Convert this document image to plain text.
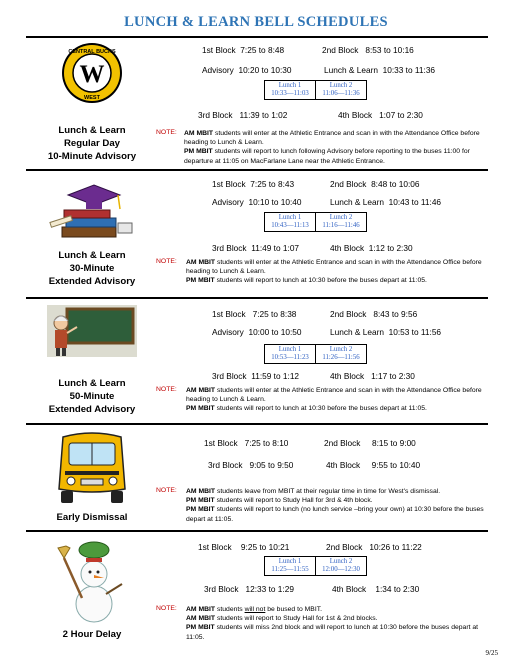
LUNCH & LEARN BELL SCHEDULES
W
CENTRAL BUCKS
WEST
Lunch & Learn
Regular Day
10-Minute Advisory
1st Block 7:25 to 8:48	2nd Block 8:53 to 10:16
Advisory 10:20 to 10:30	Lunch & Learn 10:33 to 11:36
Lunch 1
10:33—11:03
Lunch 2
11:06—11:36
3rd Block 11:39 to 1:02	4th Block 1:07 to 2:30
NOTE: AM MBIT students will enter at the Athletic Entrance and scan in with the Attendance Office before heading to Lunch & Learn.
PM MBIT students will report to lunch following Advisory before reporting to the buses 11:00 for departure at 11:05 on MacFarlane Lane near the Athletic Entrance.
Lunch & Learn
30-Minute
Extended Advisory
1st Block 7:25 to 8:43	2nd Block 8:48 to 10:06
Advisory 10:10 to 10:40	Lunch & Learn 10:43 to 11:46
Lunch 1
10:43—11:13
Lunch 2
11:16—11:46
3rd Block 11:49 to 1:07	4th Block 1:12 to 2:30
NOTE: AM MBIT students will enter at the Athletic Entrance and scan in with the Attendance Office before heading to Lunch & Learn.
PM MBIT students will report to lunch at 10:30 before the buses depart at 11:05.
Lunch & Learn
50-Minute
Extended Advisory
1st Block 7:25 to 8:38	2nd Block 8:43 to 9:56
Advisory 10:00 to 10:50	Lunch & Learn 10:53 to 11:56
Lunch 1
10:53—11:23
Lunch 2
11:26—11:56
3rd Block 11:59 to 1:12	4th Block 1:17 to 2:30
NOTE: AM MBIT students will enter at the Athletic Entrance and scan in with the Attendance Office before heading to Lunch & Learn.
PM MBIT students will report to lunch at 10:30 before the buses depart at 11:05.
Early Dismissal
1st Block 7:25 to 8:10	2nd Block 8:15 to 9:00
3rd Block 9:05 to 9:50	4th Block 9:55 to 10:40
NOTE: AM MBIT students leave from MBIT at their regular time in time for West's dismissal.
PM MBIT students will report to Study Hall for 3rd & 4th block.
PM MBIT students will report to lunch (no lunch service –bring your own) at 10:30 before the buses depart at 11:05.
2 Hour Delay
1st Block 9:25 to 10:21	2nd Block 10:26 to 11:22
Lunch 1
11:25—11:55
Lunch 2
12:00—12:30
3rd Block 12:33 to 1:29	4th Block 1:34 to 2:30
NOTE: AM MBIT students will not be bused to MBIT.
AM MBIT students will report to Study Hall for 1st & 2nd blocks.
PM MBIT students will miss 2nd block and will report to lunch at 10:30 before the buses depart at 11:05.
9/25
